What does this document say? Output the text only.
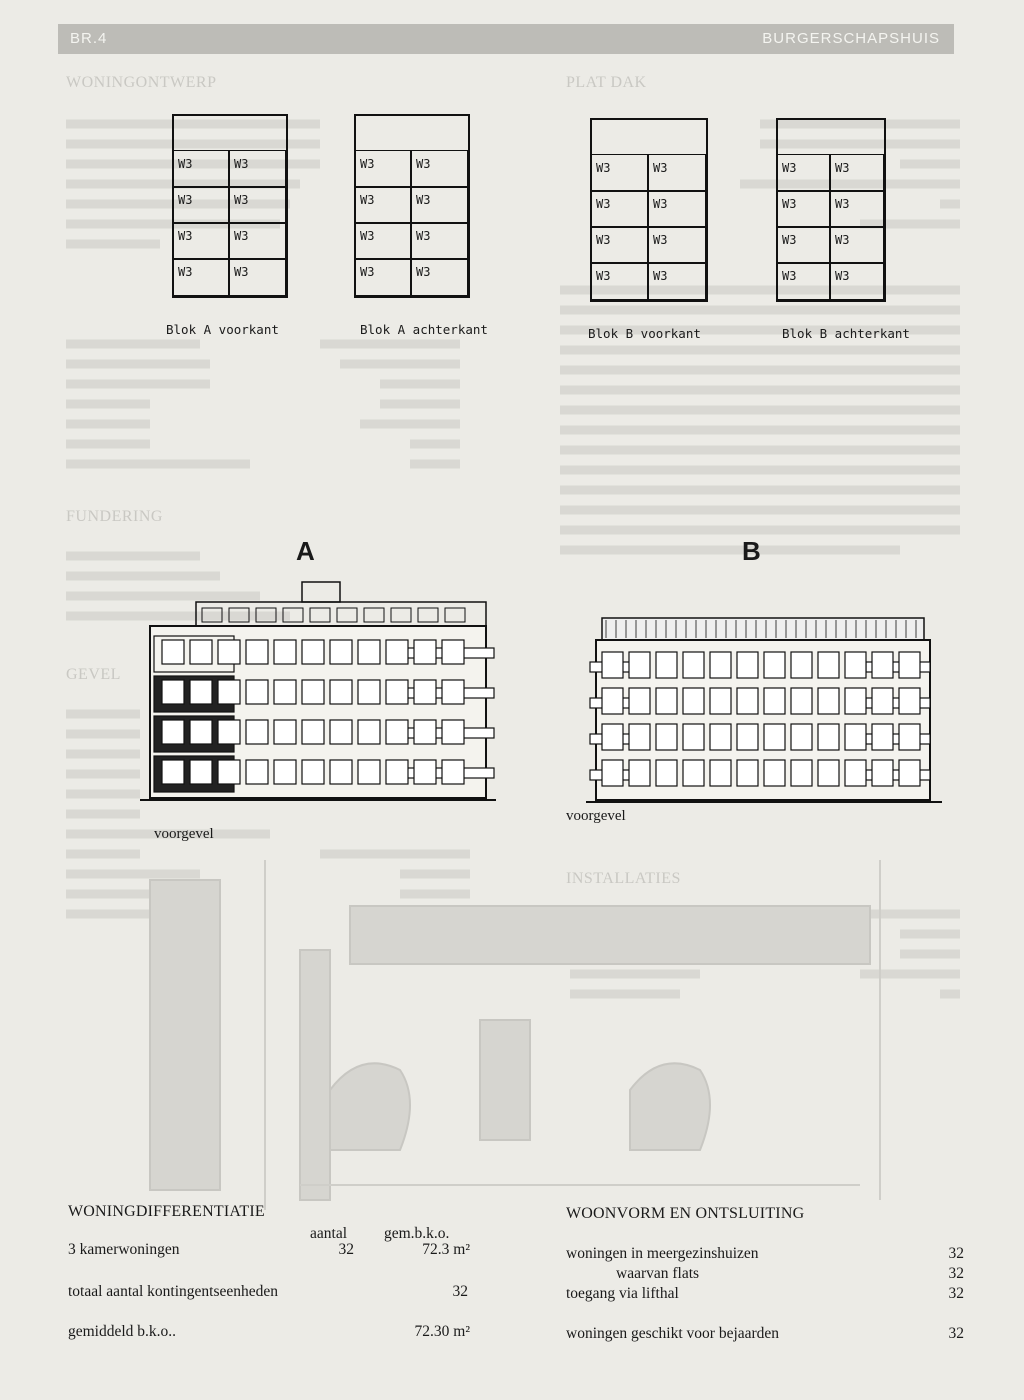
BR.4	BURGERSCHAPSHUIS
WONINGONTWERP	PLAT DAK
FUNDERING
GEVEL
INSTALLATIES
W3	W3
W3	W3
W3	W3
W3	W3
Blok A voorkant
W3	W3
W3	W3
W3	W3
W3	W3
Blok A achterkant
W3	W3
W3	W3
W3	W3
W3	W3
Blok B voorkant
W3	W3
W3	W3
W3	W3
W3	W3
Blok B achterkant
A	B
voorgevel
voorgevel
WONINGDIFFERENTIATIE
aantal gem.b.k.o.
3 kamerwoningen	32	72.3 m²
totaal aantal kontingentseenheden	32
gemiddeld b.k.o..	72.30 m²
WOONVORM EN ONTSLUITING
woningen in meergezinshuizen	32
waarvan flats	32
toegang via lifthal	32
woningen geschikt voor bejaarden	32
